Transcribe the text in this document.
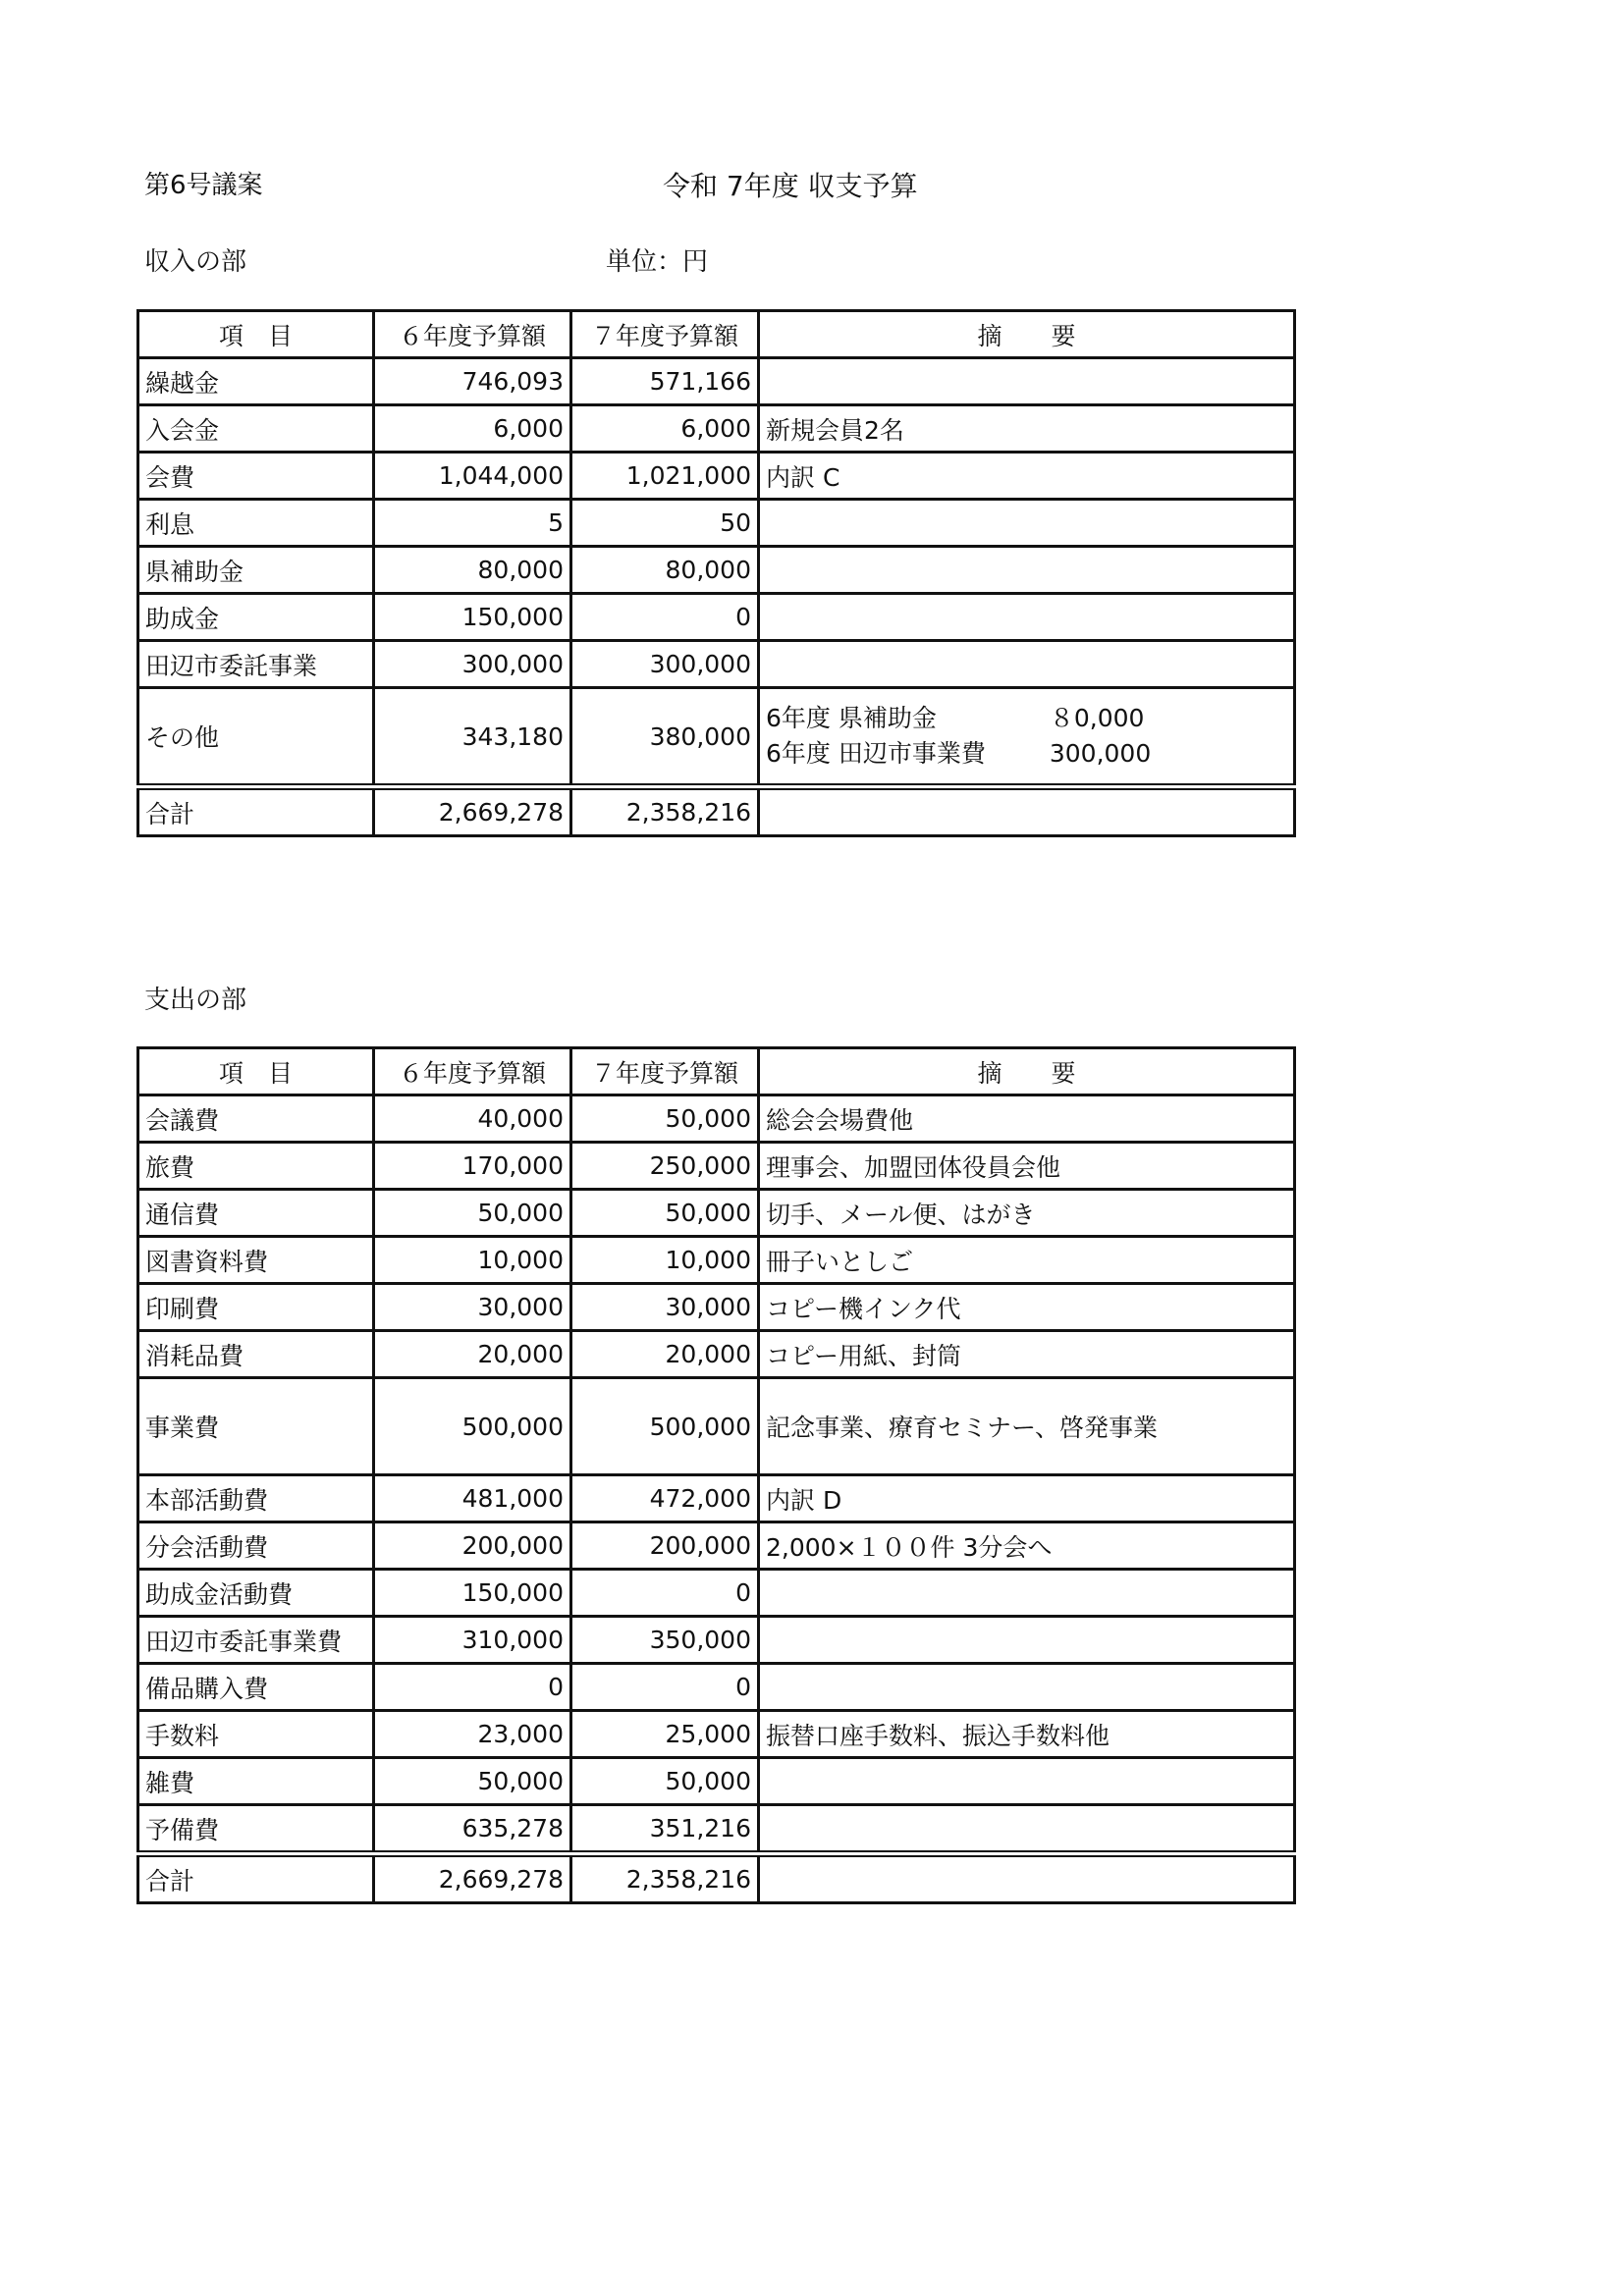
第6号議案	令和 7年度 収支予算
収入の部	単位：円
項　目	６年度予算額	７年度予算額	摘　　要
繰越金	746,093	571,166	
入会金	6,000	6,000	新規会員2名
会費	1,044,000	1,021,000	内訳 C
利息	5	50	
県補助金	80,000	80,000	
助成金	150,000	0	
田辺市委託事業	300,000	300,000	
その他	343,180	380,000	6年度 県補助金 ８0,000
6年度 田辺市事業費 300,000

合計	2,669,278	2,358,216	
支出の部
項　目	６年度予算額	７年度予算額	摘　　要
会議費	40,000	50,000	総会会場費他
旅費	170,000	250,000	理事会、加盟団体役員会他
通信費	50,000	50,000	切手、メール便、はがき
図書資料費	10,000	10,000	冊子いとしご
印刷費	30,000	30,000	コピー機インク代
消耗品費	20,000	20,000	コピー用紙、封筒
事業費	500,000	500,000	記念事業、療育セミナー、啓発事業
本部活動費	481,000	472,000	内訳 D
分会活動費	200,000	200,000	2,000×１００件 3分会へ
助成金活動費	150,000	0	
田辺市委託事業費	310,000	350,000	
備品購入費	0	0	
手数料	23,000	25,000	振替口座手数料、振込手数料他
雑費	50,000	50,000	
予備費	635,278	351,216	
合計	2,669,278	2,358,216	
